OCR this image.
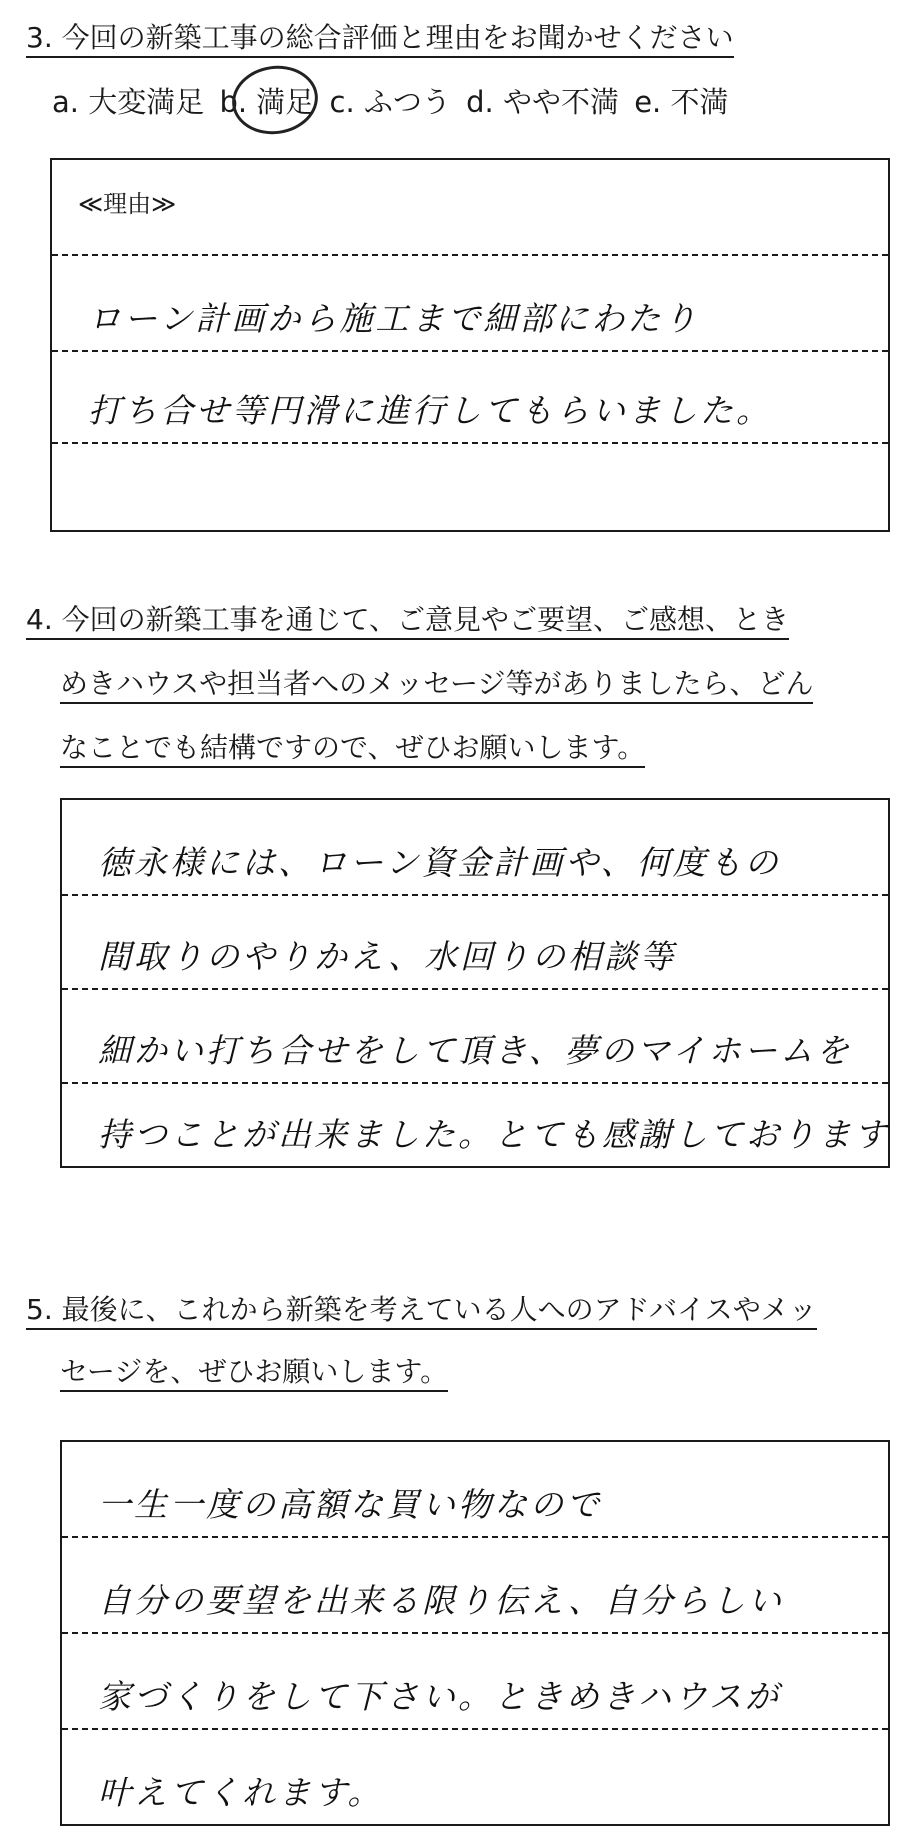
3. 今回の新築工事の総合評価と理由をお聞かせください
a. 大変満足 b. 満足 c. ふつう d. やや不満 e. 不満
≪理由≫
ローン計画から施工まで細部にわたり
打ち合せ等円滑に進行してもらいました。
4. 今回の新築工事を通じて、ご意見やご要望、ご感想、とき
めきハウスや担当者へのメッセージ等がありましたら、どん
なことでも結構ですので、ぜひお願いします。
徳永様には、ローン資金計画や、何度もの
間取りのやりかえ、水回りの相談等
細かい打ち合せをして頂き、夢のマイホームを
持つことが出来ました。とても感謝しております
5. 最後に、これから新築を考えている人へのアドバイスやメッ
セージを、ぜひお願いします。
一生一度の高額な買い物なので
自分の要望を出来る限り伝え、自分らしい
家づくりをして下さい。ときめきハウスが
叶えてくれます。
